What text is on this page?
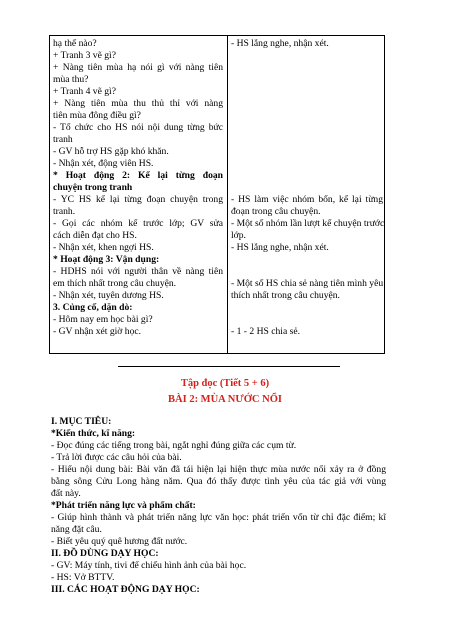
hạ thế nào?
+ Tranh 3 vẽ gì?
+ Nàng tiên mùa hạ nói gì với nàng tiên
mùa thu?
+ Tranh 4 vẽ gì?
+ Nàng tiên mùa thu thủ thỉ với nàng
tiên mùa đông điều gì?
- Tổ chức cho HS nói nội dung từng bức
tranh
- GV hỗ trợ HS gặp khó khăn.
- Nhận xét, động viên HS.
* Hoạt động 2: Kể lại từng đoạn
chuyện trong tranh
- YC HS kể lại từng đoạn chuyện trong
tranh.
- Gọi các nhóm kể trước lớp; GV sửa
cách diễn đạt cho HS.
- Nhận xét, khen ngợi HS.
* Hoạt động 3: Vận dụng:
- HDHS nói với người thân về nàng tiên
em thích nhất trong câu chuyện.
- Nhận xét, tuyên dương HS.
3. Củng cố, dặn dò:
- Hôm nay em học bài gì?
- GV nhận xét giờ học.
- HS lắng nghe, nhận xét.
- HS làm việc nhóm bốn, kể lại từng
đoạn trong câu chuyện.
- Một số nhóm lần lượt kể chuyện trước
lớp.
- HS lắng nghe, nhận xét.
- Một số HS chia sẻ nàng tiên mình yêu
thích nhất trong câu chuyện.
- 1 - 2 HS chia sẻ.
Tập đọc (Tiết 5 + 6)
BÀI 2: MÙA NƯỚC NỔI
I. MỤC TIÊU:
*Kiến thức, kĩ năng:
- Đọc đúng các tiếng trong bài, ngắt nghỉ đúng giữa các cụm từ.
- Trả lời được các câu hỏi của bài.
- Hiểu nội dung bài: Bài văn đã tái hiện lại hiện thực mùa nước nổi xảy ra ở đồng
bằng sông Cửu Long hàng năm. Qua đó thấy được tình yêu của tác giả với vùng
đất này.
*Phát triển năng lực và phẩm chất:
- Giúp hình thành và phát triển năng lực văn học: phát triển vốn từ chỉ đặc điểm; kĩ
năng đặt câu.
- Biết yêu quý quê hương đất nước.
II. ĐỒ DÙNG DẠY HỌC:
- GV: Máy tính, tivi để chiếu hình ảnh của bài học.
- HS: Vở BTTV.
III. CÁC HOẠT ĐỘNG DẠY HỌC:
